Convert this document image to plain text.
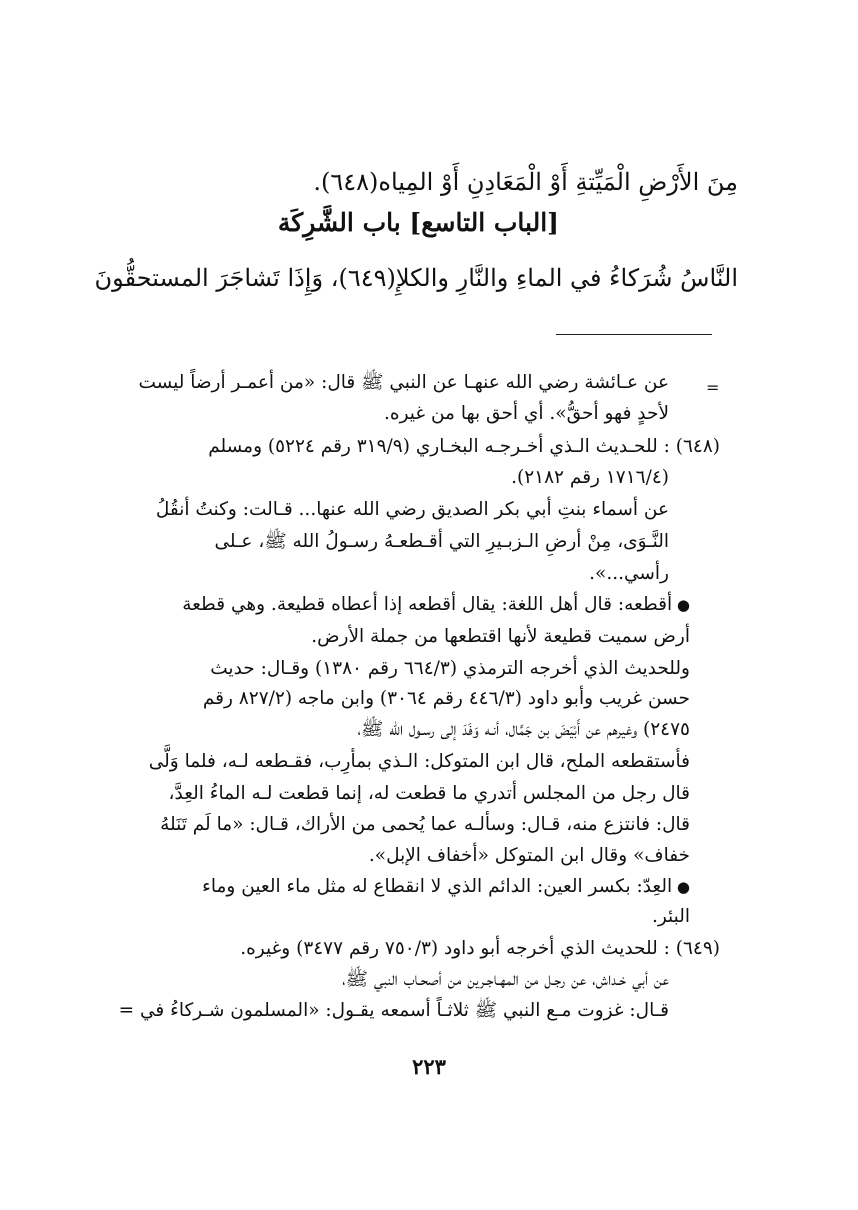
مِنَ الأَرْضِ الْمَيِّتةِ أَوْ الْمَعَادِنِ أَوْ المِياه(٦٤٨).
[الباب التاسع] باب الشَّرِكَة
النَّاسُ شُرَكاءُ في الماءِ والنَّارِ والكلإِ(٦٤٩)، وَإِذَا تَشاجَرَ المستحقُّونَ
=
عن عـائشة رضي الله عنهـا عن النبي ﷺ قال: «من أعمـر أرضاً ليست
لأحدٍ فهو أحقُّ». أي أحق بها من غيره.
(٦٤٨) : للحـديث الـذي أخـرجـه البخـاري (٣١٩/٩ رقم ٥٢٢٤) ومسلم
(١٧١٦/٤ رقم ٢١٨٢).
عن أسماء بنتِ أبي بكر الصديق رضي الله عنها... قـالت: وكنتُ أنقُلُ
النَّـوَى، مِنْ أرضِ الـزبـيرِ التي أقـطعـهُ رسـولُ الله ﷺ، عـلى
رأسي...».
● أقطعه: قال أهل اللغة: يقال أقطعه إذا أعطاه قطيعة. وهي قطعة
أرض سميت قطيعة لأنها اقتطعها من جملة الأرض.
وللحديث الذي أخرجه الترمذي (٦٦٤/٣ رقم ١٣٨٠) وقـال: حديث
حسن غريب وأبو داود (٤٤٦/٣ رقم ٣٠٦٤) وابن ماجه (٨٢٧/٢ رقم
٢٤٧٥) وغيرهم عن أَبْيَضَ بن جَمَّال، أنـه وَفَدَ إلى رسـول الله ﷺ،
فأستقطعه الملح، قال ابن المتوكل: الـذي بمأرِب، فقـطعه لـه، فلما وَلَّى
قال رجل من المجلس أتدري ما قطعت له، إنما قطعت لـه الماءُ العِدَّ،
قال: فانتزع منه، قـال: وسألـه عما يُحمى من الأراك، قـال: «ما لَم تَنَلهُ
خفاف» وقال ابن المتوكل «أخفاف الإبل».
● العِدّ: بكسر العين: الدائم الذي لا انقطاع له مثل ماء العين وماء
البئر.
(٦٤٩) : للحديث الذي أخرجه أبو داود (٧٥٠/٣ رقم ٣٤٧٧) وغيره.
عن أبي خـداش، عن رجـل من المهـاجـرين من أصحـاب النبي ﷺ،
قـال: غزوت مـع النبي ﷺ ثلاثـاً أسمعه يقـول: «المسلمون شـركاءُ في =
٢٢٣
